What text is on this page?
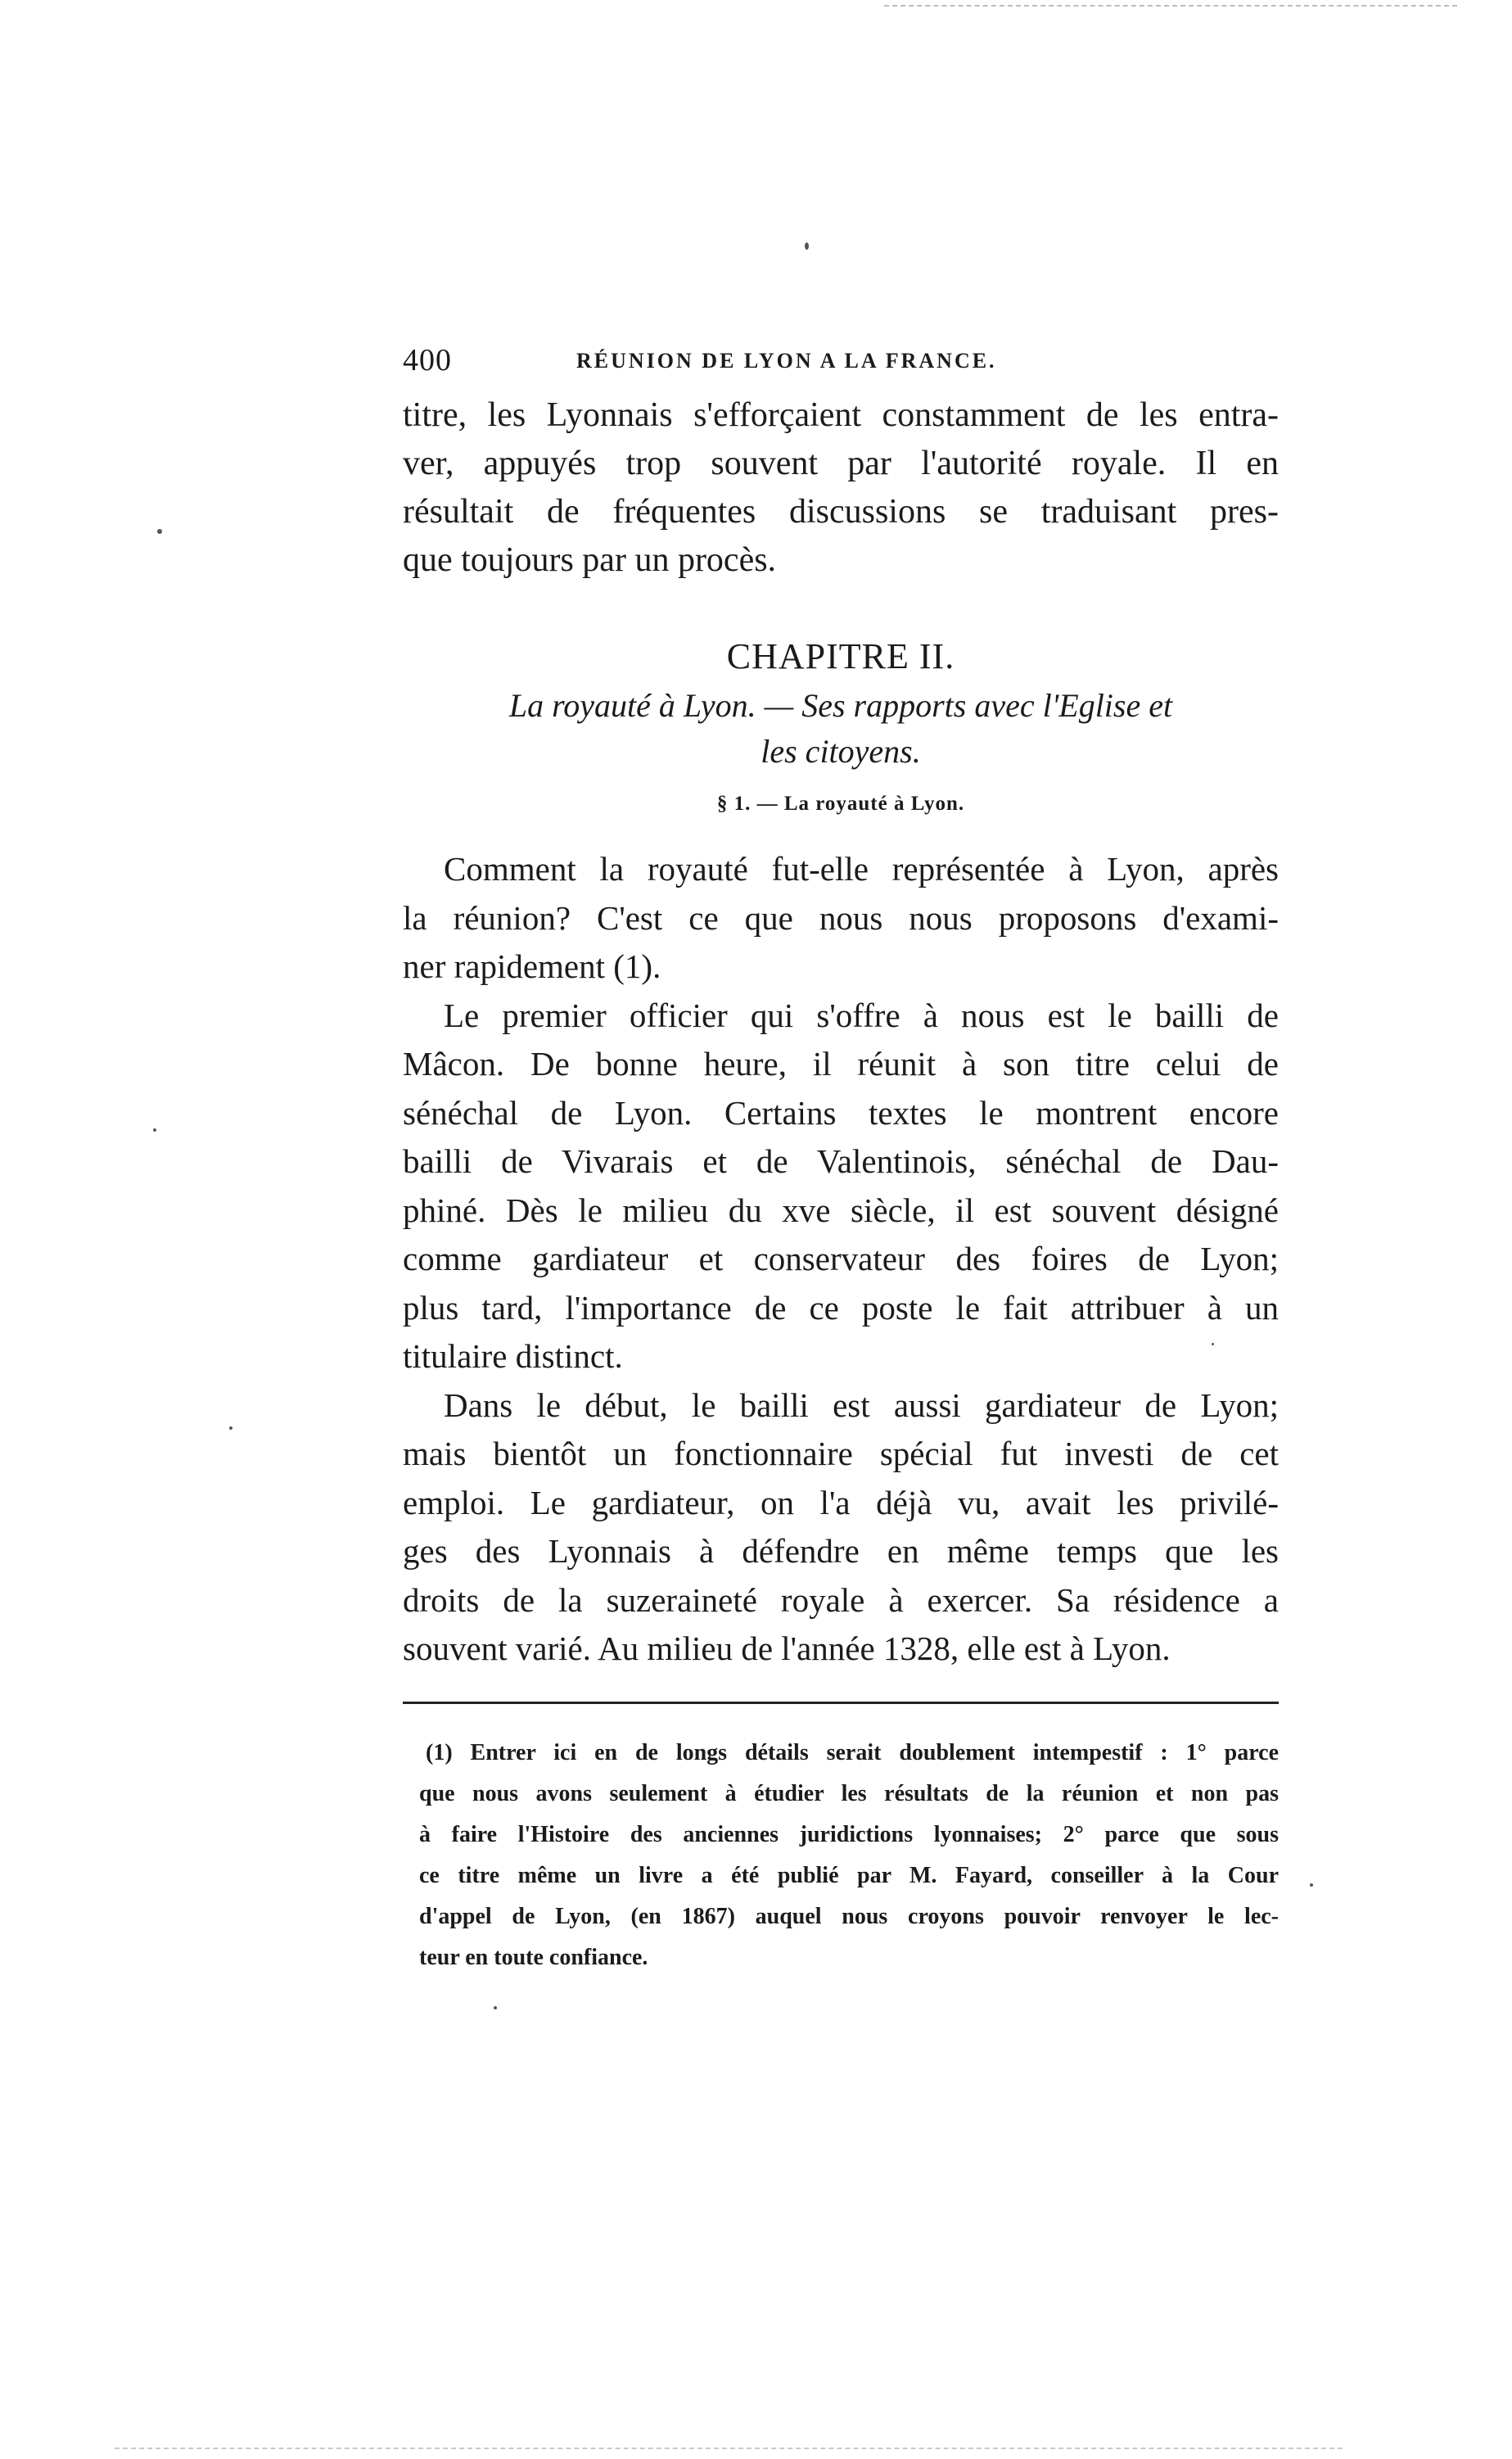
400	RÉUNION DE LYON A LA FRANCE.
titre, les Lyonnais s'efforçaient constamment de les entra-
ver, appuyés trop souvent par l'autorité royale. Il en
résultait de fréquentes discussions se traduisant pres-
que toujours par un procès.
CHAPITRE II.
La royauté à Lyon. — Ses rapports avec l'Eglise et
les citoyens.
§ 1. — La royauté à Lyon.
Comment la royauté fut-elle représentée à Lyon, après
la réunion? C'est ce que nous nous proposons d'exami-
ner rapidement (1).
Le premier officier qui s'offre à nous est le bailli de
Mâcon. De bonne heure, il réunit à son titre celui de
sénéchal de Lyon. Certains textes le montrent encore
bailli de Vivarais et de Valentinois, sénéchal de Dau-
phiné. Dès le milieu du xve siècle, il est souvent désigné
comme gardiateur et conservateur des foires de Lyon;
plus tard, l'importance de ce poste le fait attribuer à un
titulaire distinct.
Dans le début, le bailli est aussi gardiateur de Lyon;
mais bientôt un fonctionnaire spécial fut investi de cet
emploi. Le gardiateur, on l'a déjà vu, avait les privilé-
ges des Lyonnais à défendre en même temps que les
droits de la suzeraineté royale à exercer. Sa résidence a
souvent varié. Au milieu de l'année 1328, elle est à Lyon.
(1) Entrer ici en de longs détails serait doublement intempestif : 1° parce
que nous avons seulement à étudier les résultats de la réunion et non pas
à faire l'Histoire des anciennes juridictions lyonnaises; 2° parce que sous
ce titre même un livre a été publié par M. Fayard, conseiller à la Cour
d'appel de Lyon, (en 1867) auquel nous croyons pouvoir renvoyer le lec-
teur en toute confiance.
